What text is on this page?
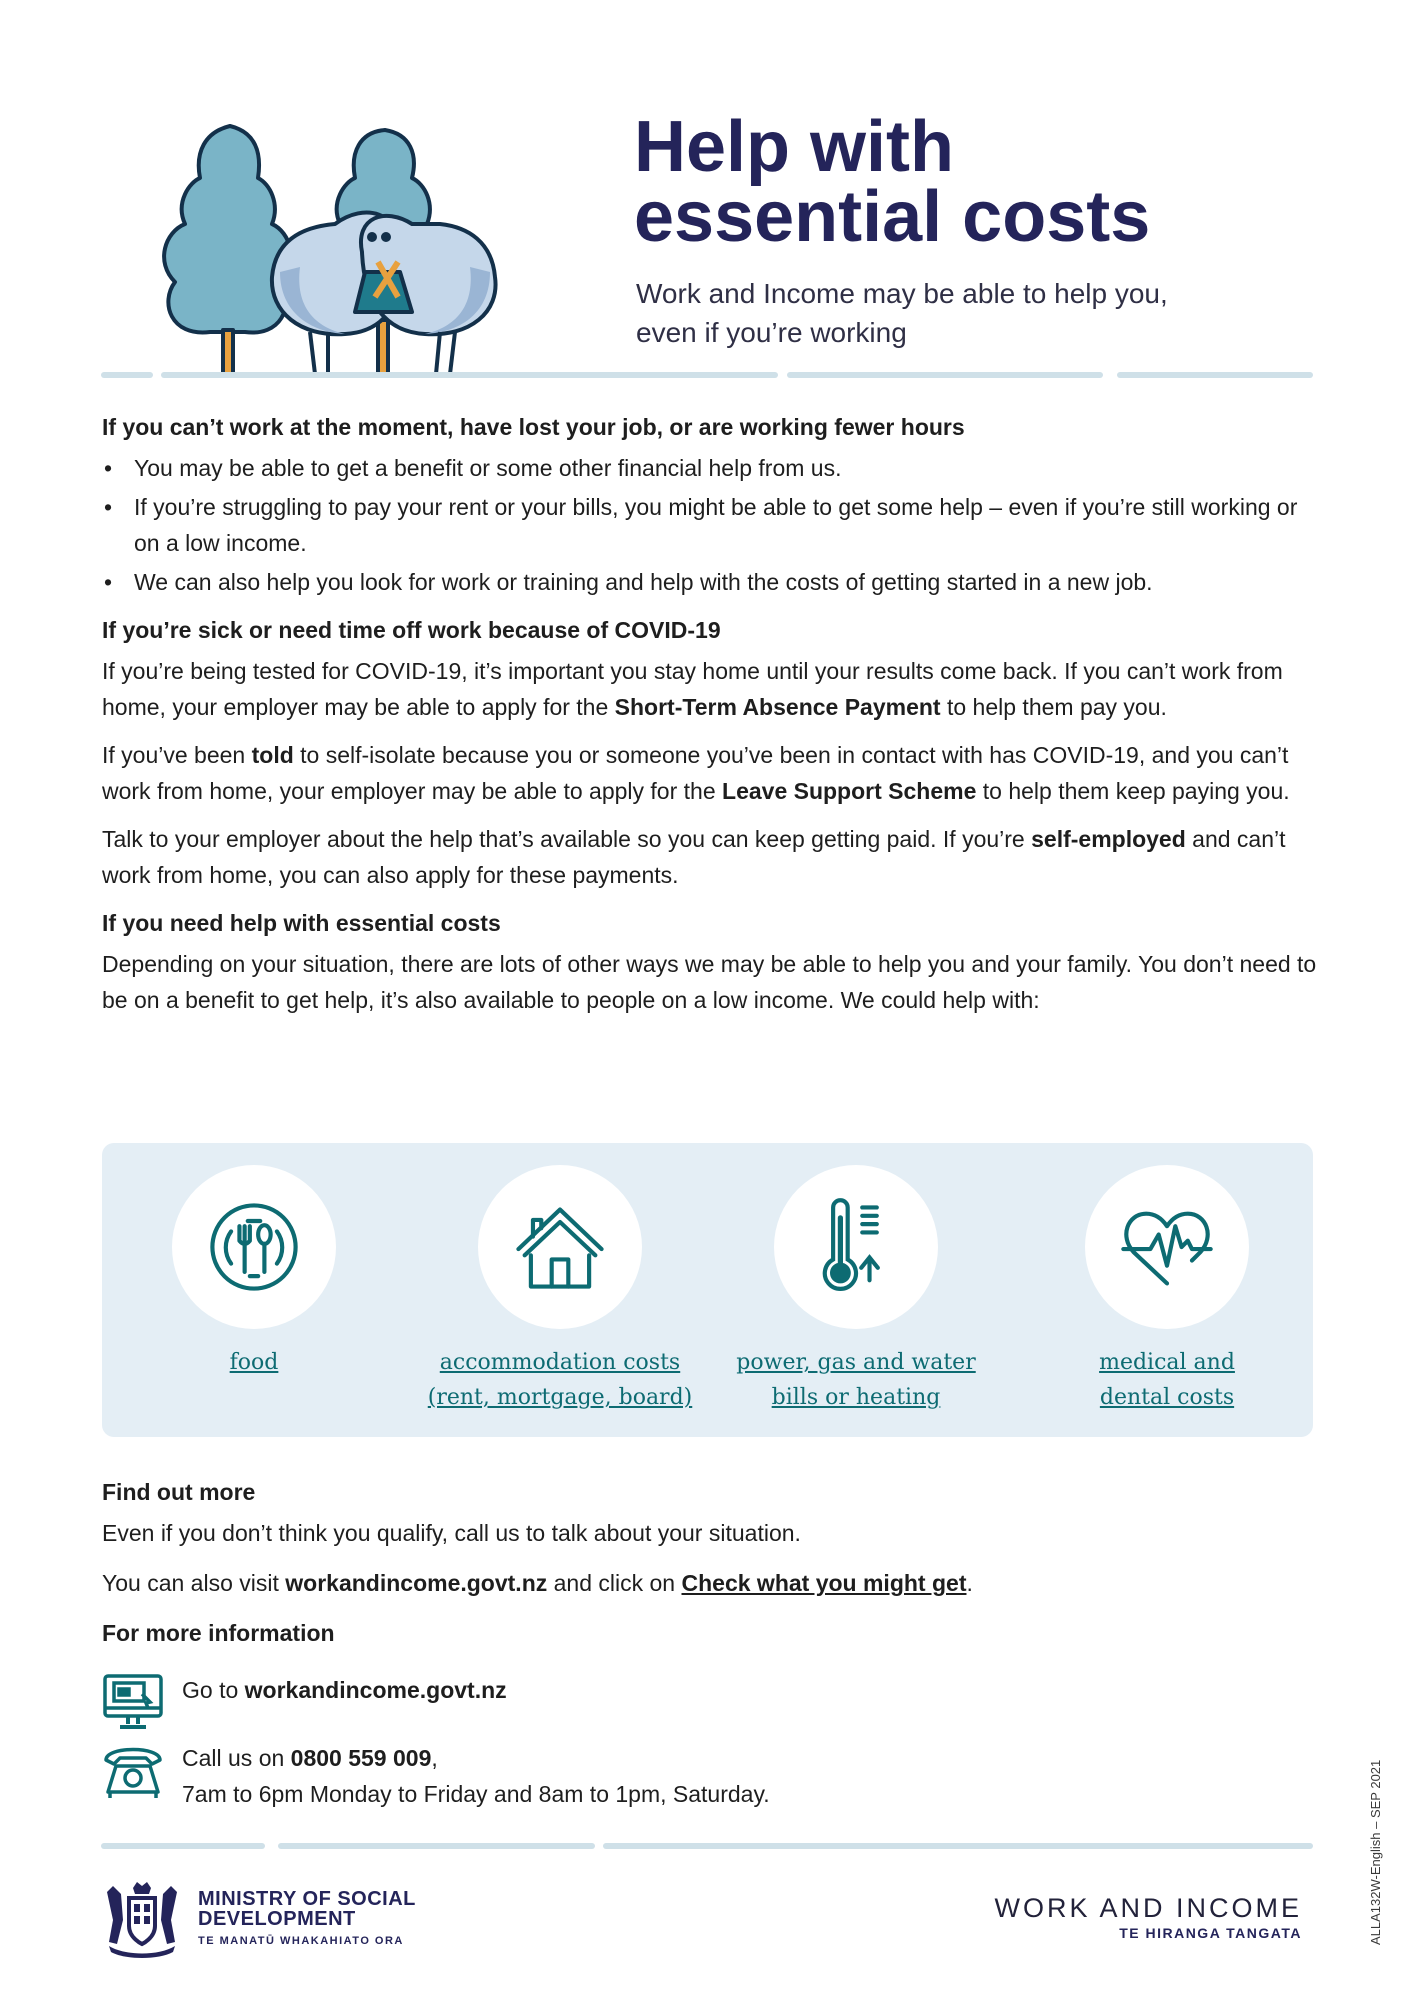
Help with
essential costs

Work and Income may be able to help you,
even if you’re working

If you can’t work at the moment, have lost your job, or are working fewer hours
• You may be able to get a benefit or some other financial help from us.
• If you’re struggling to pay your rent or your bills, you might be able to get some help – even if you’re still working or on a low income.
• We can also help you look for work or training and help with the costs of getting started in a new job.
If you’re sick or need time off work because of COVID-19

If you’re being tested for COVID-19, it’s important you stay home until your results come back. If you can’t work from home, your employer may be able to apply for the Short-Term Absence Payment to help them pay you.

If you’ve been told to self-isolate because you or someone you’ve been in contact with has COVID-19, and you can’t work from home, your employer may be able to apply for the Leave Support Scheme to help them keep paying you.

Talk to your employer about the help that’s available so you can keep getting paid. If you’re self-employed and can’t work from home, you can also apply for these payments.

If you need help with essential costs

Depending on your situation, there are lots of other ways we may be able to help you and your family. You don’t need to be on a benefit to get help, it’s also available to people on a low income. We could help with:

food	accommodation costs
(rent, mortgage, board)
power, gas and water
bills or heating
medical and
dental costs
Find out more

Even if you don’t think you qualify, call us to talk about your situation.

You can also visit workandincome.govt.nz and click on Check what you might get.

For more information
Go to workandincome.govt.nz
Call us on 0800 559 009,
7am to 6pm Monday to Friday and 8am to 1pm, Saturday.
MINISTRY OF SOCIAL
DEVELOPMENT
TE MANATŪ WHAKAHIATO ORA
WORK AND INCOME
TE HIRANGA TANGATA	ALLA132W-English – SEP 2021
